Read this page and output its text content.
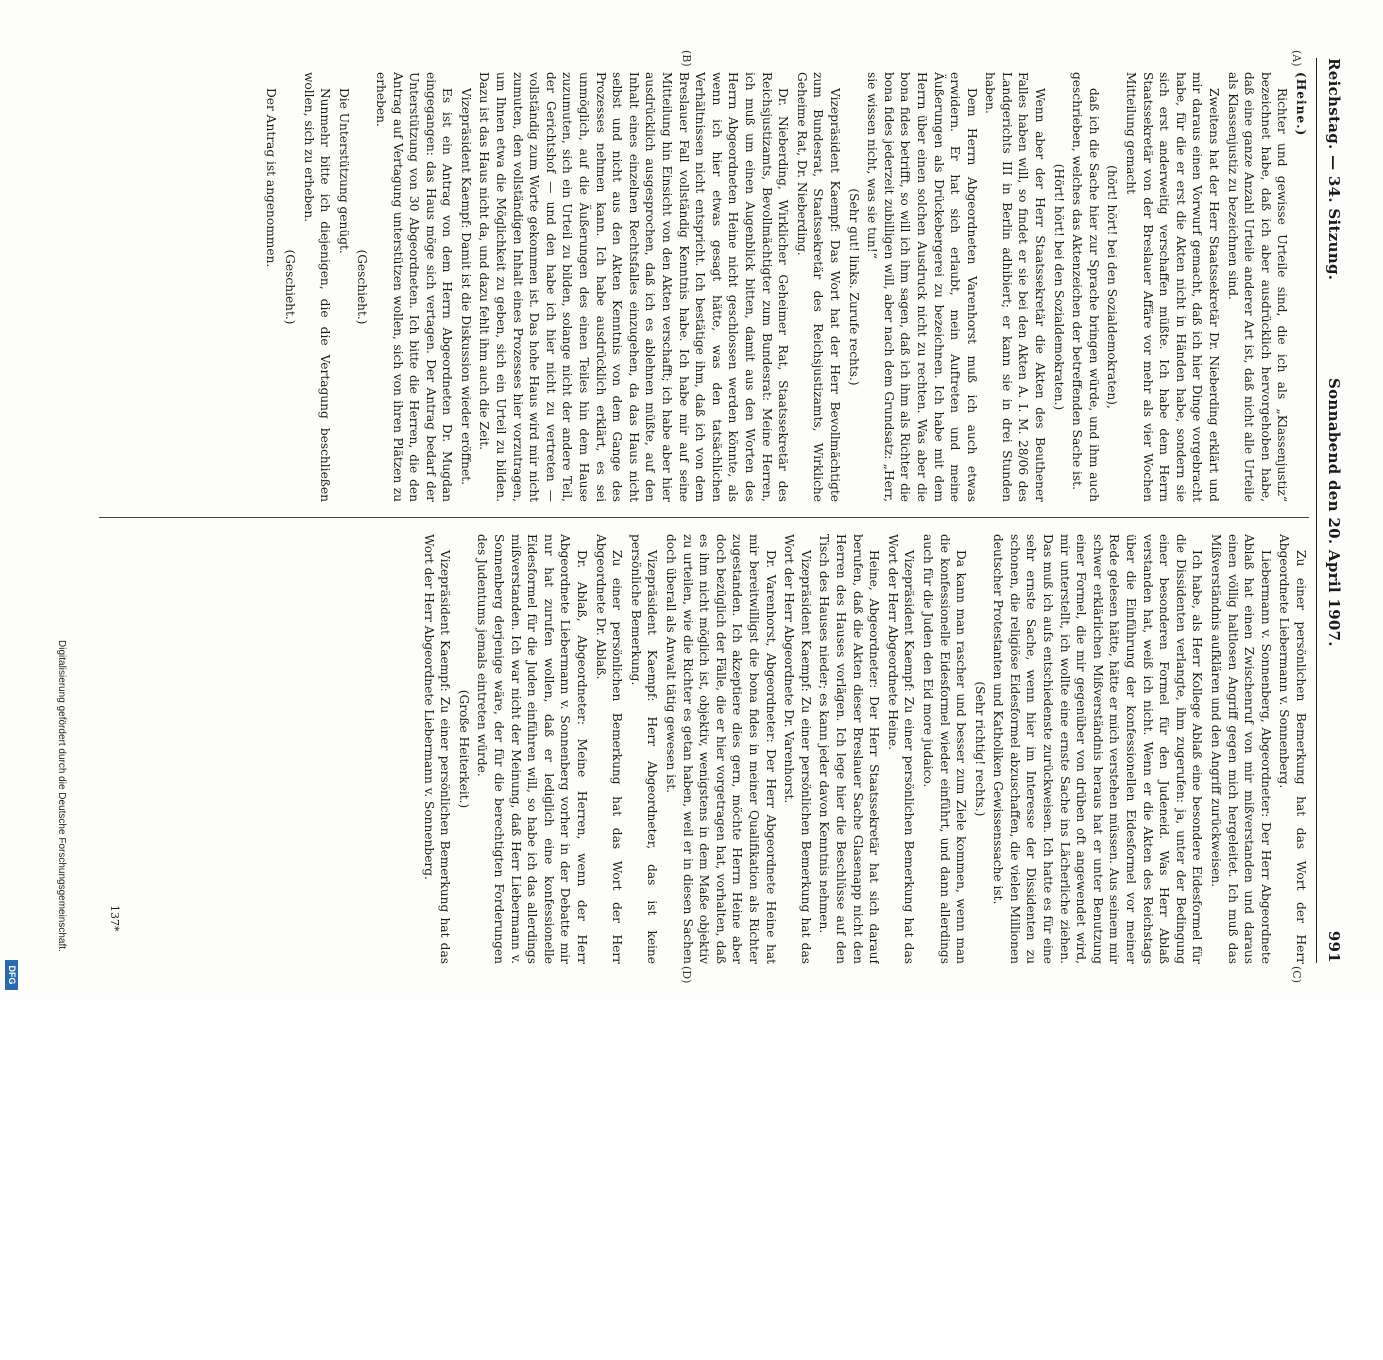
Reichstag. — 34. Sitzung.
Sonnabend den 20. April 1907.
991
(A)
(B)
(C)
(D)

(Heine.)

Richter und gewisse Urteile sind, die ich als „Klassenjustiz“ bezeichnet habe, daß ich aber ausdrücklich hervorgehoben habe, daß eine ganze Anzahl Urteile anderer Art ist, daß nicht alle Urteile als Klassenjustiz zu bezeichnen sind.

Zweitens hat der Herr Staatssekretär Dr. Nieberding erklärt und mir daraus einen Vorwurf gemacht, daß ich hier Dinge vorgebracht habe, für die er erst die Akten nicht in Händen habe, sondern sie sich erst anderweitig verschaffen müßte. Ich habe dem Herrn Staatssekretär von der Breslauer Affäre vor mehr als vier Wochen Mitteilung gemacht

(hört! hört! bei den Sozialdemokraten),

daß ich die Sache hier zur Sprache bringen würde, und ihm auch geschrieben, welches das Aktenzeichen der betreffenden Sache ist.

(Hört! hört! bei den Sozialdemokraten.)

Wenn aber der Herr Staatssekretär die Akten des Beuthener Falles haben will, so findet er sie bei den Akten A. I. M. 28/06 des Landgerichts III in Berlin adhibiert; er kann sie in drei Stunden haben.

Dem Herrn Abgeordneten Varenhorst muß ich auch etwas erwidern. Er hat sich erlaubt, mein Auftreten und meine Äußerungen als Drückebergerei zu bezeichnen. Ich habe mit dem Herrn über einen solchen Ausdruck nicht zu rechten. Was aber die bona fides betrifft, so will ich ihm sagen, daß ich ihm als Richter die bona fides jederzeit zubilligen will, aber nach dem Grundsatz: „Herr, sie wissen nicht, was sie tun!“

(Sehr gut! links. Zurufe rechts.)

Vizepräsident Kaempf: Das Wort hat der Herr Bevollmächtigte zum Bundesrat, Staatssekretär des Reichsjustizamts, Wirkliche Geheime Rat, Dr. Nieberding.

Dr. Nieberding, Wirklicher Geheimer Rat, Staatssekretär des Reichsjustizamts, Bevollmächtigter zum Bundesrat: Meine Herren, ich muß um einen Augenblick bitten, damit aus den Worten des Herrn Abgeordneten Heine nicht geschlossen werden könnte, als wenn ich hier etwas gesagt hätte, was den tatsächlichen Verhältnissen nicht entspricht. Ich bestätige ihm, daß ich von dem Breslauer Fall vollständig Kenntnis habe. Ich habe mir auf seine Mitteilung hin Einsicht von den Akten verschafft; ich habe aber hier ausdrücklich ausgesprochen, daß ich es ablehnen müßte, auf den Inhalt eines einzelnen Rechtsfalles einzugehen, da das Haus nicht selbst und nicht aus den Akten Kenntnis von dem Gange des Prozesses nehmen kann. Ich habe ausdrücklich erklärt, es sei unmöglich, auf die Äußerungen des einen Teiles hin dem Hause zuzumuten, sich ein Urteil zu bilden, solange nicht der andere Teil, der Gerichtshof — und den habe ich hier nicht zu vertreten — vollständig zum Worte gekommen ist. Das hohe Haus wird mir nicht zumuten, den vollständigen Inhalt eines Prozesses hier vorzutragen, um Ihnen etwa die Möglichkeit zu geben, sich ein Urteil zu bilden. Dazu ist das Haus nicht da, und dazu fehlt ihm auch die Zeit.

Vizepräsident Kaempf: Damit ist die Diskussion wieder eröffnet.

Es ist ein Antrag von dem Herrn Abgeordneten Dr. Mugdan eingegangen: das Haus möge sich vertagen. Der Antrag bedarf der Unterstützung von 30 Abgeordneten. Ich bitte die Herren, die den Antrag auf Vertagung unterstützen wollen, sich von ihren Plätzen zu erheben.

(Geschieht.)

Die Unterstützung genügt.

Nunmehr bitte ich diejenigen, die die Vertagung beschließen wollen, sich zu erheben.

(Geschieht.)

Der Antrag ist angenommen.

Zu einer persönlichen Bemerkung hat das Wort der Herr Abgeordnete Liebermann v. Sonnenberg.

Liebermann v. Sonnenberg, Abgeordneter: Der Herr Abgeordnete Ablaß hat einen Zwischenruf von mir mißverstanden und daraus einen völlig haltlosen Angriff gegen mich hergeleitet. Ich muß das Mißverständnis aufklären und den Angriff zurückweisen.

Ich habe, als Herr Kollege Ablaß eine besondere Eidesformel für die Dissidenten verlangte, ihm zugerufen: ja, unter der Bedingung einer besonderen Formel für den Judeneid. Was Herr Ablaß verstanden hat, weiß ich nicht. Wenn er die Akten des Reichstags über die Einführung der konfessionellen Eidesformel vor meiner Rede gelesen hätte, hätte er mich verstehen müssen. Aus seinem mir schwer erklärlichen Mißverständnis heraus hat er unter Benutzung einer Formel, die mir gegenüber von drüben oft angewendet wird, mir unterstellt, ich wollte eine ernste Sache ins Lächerliche ziehen. Das muß ich aufs entschiedenste zurückweisen. Ich hatte es für eine sehr ernste Sache, wenn hier im Interesse der Dissidenten zu schonen, die religiöse Eidesformel abzuschaffen, die vielen Millionen deutscher Protestanten und Katholiken Gewissenssache ist.

(Sehr richtig! rechts.)

Da kann man rascher und besser zum Ziele kommen, wenn man die konfessionelle Eidesformel wieder einführt, und dann allerdings auch für die Juden den Eid more judaico.

Vizepräsident Kaempf: Zu einer persönlichen Bemerkung hat das Wort der Herr Abgeordnete Heine.

Heine, Abgeordneter: Der Herr Staatssekretär hat sich darauf berufen, daß die Akten dieser Breslauer Sache Glasenapp nicht den Herren des Hauses vorlägen. Ich lege hier die Beschlüsse auf den Tisch des Hauses nieder; es kann jeder davon Kenntnis nehmen.

Vizepräsident Kaempf: Zu einer persönlichen Bemerkung hat das Wort der Herr Abgeordnete Dr. Varenhorst.

Dr. Varenhorst, Abgeordneter: Der Herr Abgeordnete Heine hat mir bereitwilligst die bona fides in meiner Qualifikation als Richter zugestanden. Ich akzeptiere dies gern, möchte Herrn Heine aber doch bezüglich der Fälle, die er hier vorgetragen hat, vorhalten, daß es ihm nicht möglich ist, objektiv, wenigstens in dem Maße objektiv zu urteilen, wie die Richter es getan haben, weil er in diesen Sachen doch überall als Anwalt tätig gewesen ist.

Vizepräsident Kaempf: Herr Abgeordneter, das ist keine persönliche Bemerkung.

Zu einer persönlichen Bemerkung hat das Wort der Herr Abgeordnete Dr. Ablaß.

Dr. Ablaß, Abgeordneter: Meine Herren, wenn der Herr Abgeordnete Liebermann v. Sonnenberg vorher in der Debatte mir nur hat zurufen wollen, daß er lediglich eine konfessionelle Eidesformel für die Juden einführen will, so habe ich das allerdings mißverstanden. Ich war nicht der Meinung, daß Herr Liebermann v. Sonnenberg derjenige wäre, der für die berechtigten Forderungen des Judentums jemals eintreten würde.

(Große Heiterkeit.)

Vizepräsident Kaempf: Zu einer persönlichen Bemerkung hat das Wort der Herr Abgeordnete Liebermann v. Sonnenberg.

137*
Digitalisierung gefördert durch die Deutsche Forschungsgemeinschaft.
DFG
